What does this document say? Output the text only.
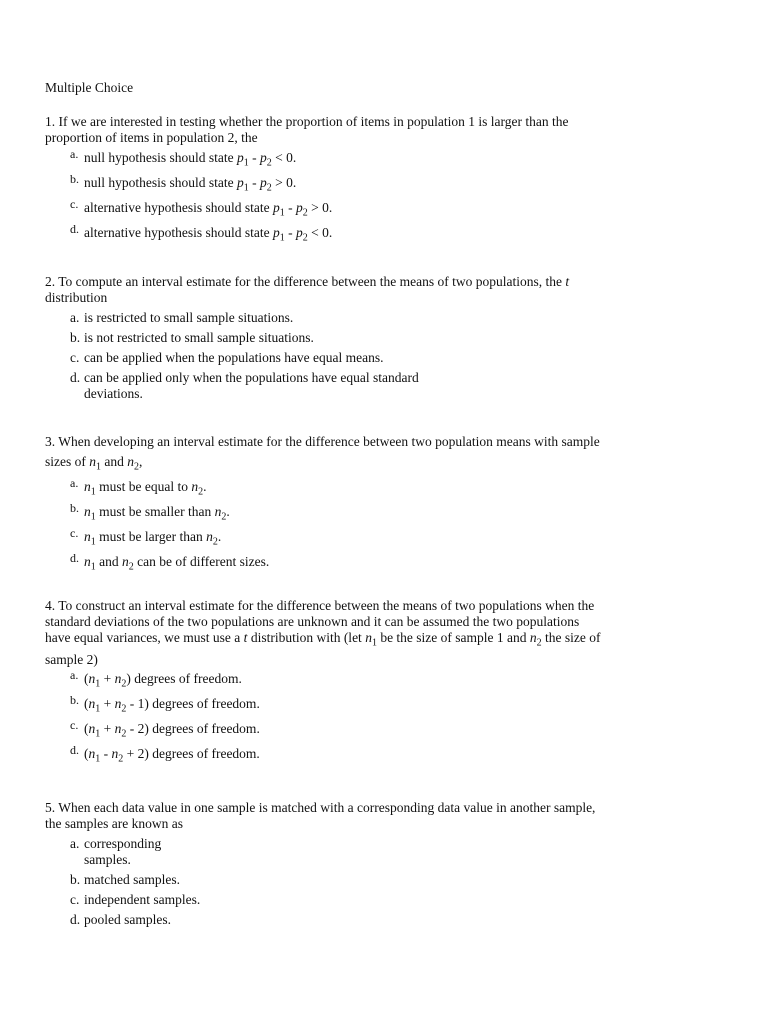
Multiple Choice

1. If we are interested in testing whether the proportion of items in population 1 is larger than the proportion of items in population 2, the

a. null hypothesis should state $p_1 - p_2 < 0$.
b. null hypothesis should state $p_1 - p_2 > 0$.
c. alternative hypothesis should state $p_1 - p_2 > 0$.
d. alternative hypothesis should state $p_1 - p_2 < 0$.

2. To compute an interval estimate for the difference between the means of two populations, the t distribution

a. is restricted to small sample situations.
b. is not restricted to small sample situations.
c. can be applied when the populations have equal means.
d. can be applied only when the populations have equal standard deviations.

3. When developing an interval estimate for the difference between two population means with sample sizes of $n_1$ and $n_2$,

a. $n_1$ must be equal to $n_2$.
b. $n_1$ must be smaller than $n_2$.
c. $n_1$ must be larger than $n_2$.
d. $n_1$ and $n_2$ can be of different sizes.

4. To construct an interval estimate for the difference between the means of two populations when the standard deviations of the two populations are unknown and it can be assumed the two populations have equal variances, we must use a t distribution with (let $n_1$ be the size of sample 1 and $n_2$ the size of sample 2)

a. $(n_1 + n_2)$ degrees of freedom.
b. $(n_1 + n_2 - 1)$ degrees of freedom.
c. $(n_1 + n_2 - 2)$ degrees of freedom.
d. $(n_1 - n_2 + 2)$ degrees of freedom.

5. When each data value in one sample is matched with a corresponding data value in another sample, the samples are known as

a. corresponding samples.
b. matched samples.
c. independent samples.
d. pooled samples.
